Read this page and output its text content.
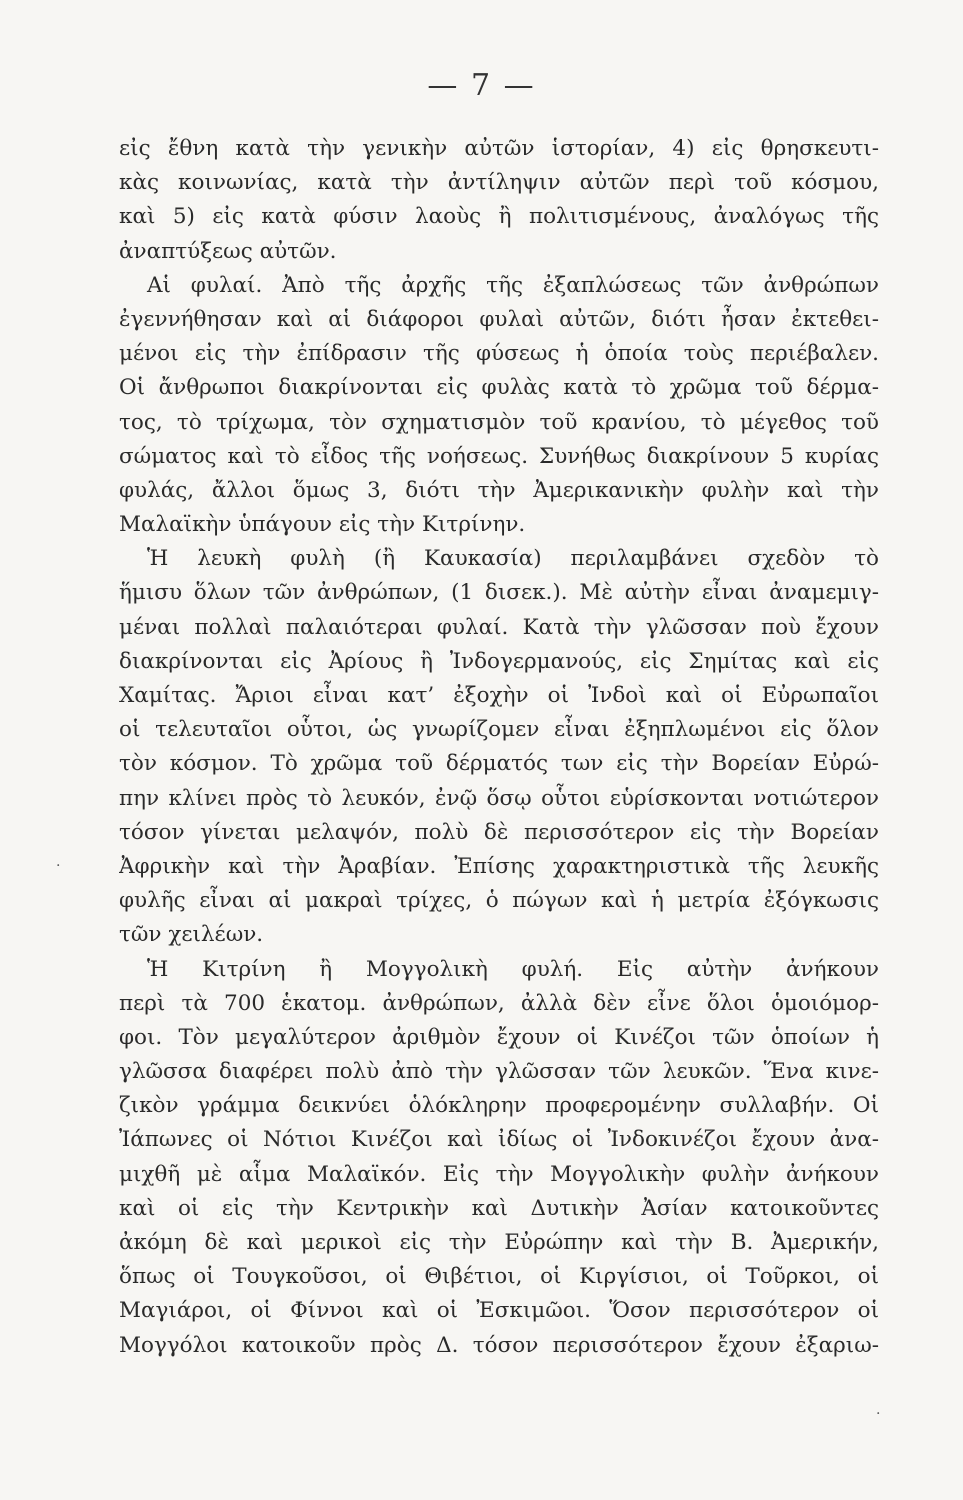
— 7 —
εἰς ἔθνη κατὰ τὴν γενικὴν αὐτῶν ἱστορίαν, 4) εἰς θρησκευτι-
κὰς κοινωνίας, κατὰ τὴν ἀντίληψιν αὐτῶν περὶ τοῦ κόσμου,
καὶ 5) εἰς κατὰ φύσιν λαοὺς ἢ πολιτισμένους, ἀναλόγως τῆς
ἀναπτύξεως αὐτῶν.
Αἱ φυλαί. Ἀπὸ τῆς ἀρχῆς τῆς ἐξαπλώσεως τῶν ἀνθρώπων
ἐγεννήθησαν καὶ αἱ διάφοροι φυλαὶ αὐτῶν, διότι ἦσαν ἐκτεθει-
μένοι εἰς τὴν ἐπίδρασιν τῆς φύσεως ἡ ὁποία τοὺς περιέβαλεν.
Οἱ ἄνθρωποι διακρίνονται εἰς φυλὰς κατὰ τὸ χρῶμα τοῦ δέρμα-
τος, τὸ τρίχωμα, τὸν σχηματισμὸν τοῦ κρανίου, τὸ μέγεθος τοῦ
σώματος καὶ τὸ εἶδος τῆς νοήσεως. Συνήθως διακρίνουν 5 κυρίας
φυλάς, ἄλλοι ὅμως 3, διότι τὴν Ἀμερικανικὴν φυλὴν καὶ τὴν
Μαλαϊκὴν ὑπάγουν εἰς τὴν Κιτρίνην.
Ἡ λευκὴ φυλὴ (ἢ Καυκασία) περιλαμβάνει σχεδὸν τὸ
ἥμισυ ὅλων τῶν ἀνθρώπων, (1 δισεκ.). Μὲ αὐτὴν εἶναι ἀναμεμιγ-
μέναι πολλαὶ παλαιότεραι φυλαί. Κατὰ τὴν γλῶσσαν ποὺ ἔχουν
διακρίνονται εἰς Ἀρίους ἢ Ἰνδογερμανούς, εἰς Σημίτας καὶ εἰς
Χαμίτας. Ἄριοι εἶναι κατ’ ἐξοχὴν οἱ Ἰνδοὶ καὶ οἱ Εὐρωπαῖοι
οἱ τελευταῖοι οὗτοι, ὡς γνωρίζομεν εἶναι ἐξηπλωμένοι εἰς ὅλον
τὸν κόσμον. Τὸ χρῶμα τοῦ δέρματός των εἰς τὴν Βορείαν Εὐρώ-
πην κλίνει πρὸς τὸ λευκόν, ἐνῷ ὅσῳ οὗτοι εὑρίσκονται νοτιώτερον
τόσον γίνεται μελαψόν, πολὺ δὲ περισσότερον εἰς τὴν Βορείαν
Ἀφρικὴν καὶ τὴν Ἀραβίαν. Ἐπίσης χαρακτηριστικὰ τῆς λευκῆς
φυλῆς εἶναι αἱ μακραὶ τρίχες, ὁ πώγων καὶ ἡ μετρία ἐξόγκωσις
τῶν χειλέων.
Ἡ Κιτρίνη ἢ Μογγολικὴ φυλή. Εἰς αὐτὴν ἀνήκουν
περὶ τὰ 700 ἑκατομ. ἀνθρώπων, ἀλλὰ δὲν εἶνε ὅλοι ὁμοιόμορ-
φοι. Τὸν μεγαλύτερον ἀριθμὸν ἔχουν οἱ Κινέζοι τῶν ὁποίων ἡ
γλῶσσα διαφέρει πολὺ ἀπὸ τὴν γλῶσσαν τῶν λευκῶν. Ἕνα κινε-
ζικὸν γράμμα δεικνύει ὁλόκληρην προφερομένην συλλαβήν. Οἱ
Ἰάπωνες οἱ Νότιοι Κινέζοι καὶ ἰδίως οἱ Ἰνδοκινέζοι ἔχουν ἀνα-
μιχθῆ μὲ αἷμα Μαλαϊκόν. Εἰς τὴν Μογγολικὴν φυλὴν ἀνήκουν
καὶ οἱ εἰς τὴν Κεντρικὴν καὶ Δυτικὴν Ἀσίαν κατοικοῦντες
ἀκόμη δὲ καὶ μερικοὶ εἰς τὴν Εὐρώπην καὶ τὴν Β. Ἀμερικήν,
ὅπως οἱ Τουγκοῦσοι, οἱ Θιβέτιοι, οἱ Κιργίσιοι, οἱ Τοῦρκοι, οἱ
Μαγιάροι, οἱ Φίννοι καὶ οἱ Ἐσκιμῶοι. Ὅσον περισσότερον οἱ
Μογγόλοι κατοικοῦν πρὸς Δ. τόσον περισσότερον ἔχουν ἐξαριω-
.
.
